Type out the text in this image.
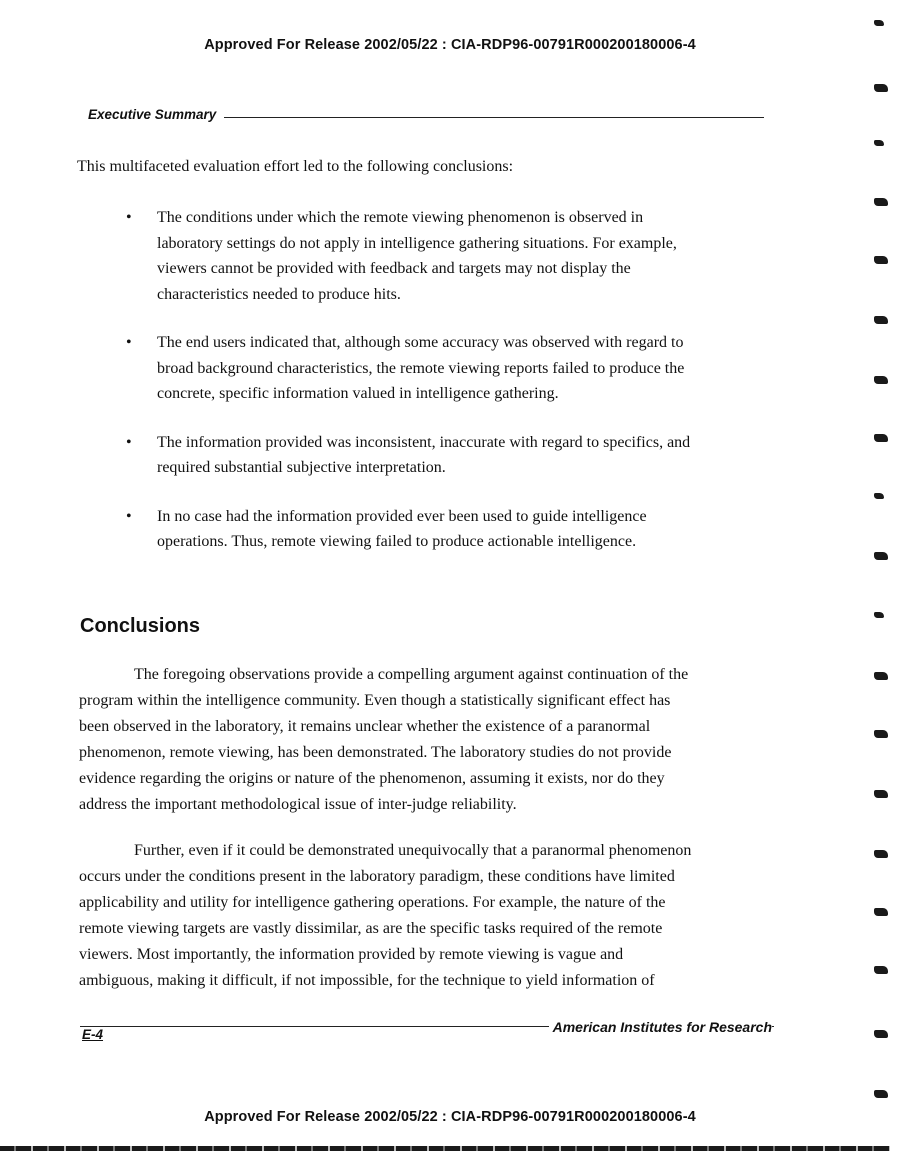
Approved For Release 2002/05/22 : CIA-RDP96-00791R000200180006-4
Executive Summary
This multifaceted evaluation effort led to the following conclusions:
• The conditions under which the remote viewing phenomenon is observed in
laboratory settings do not apply in intelligence gathering situations. For example,
viewers cannot be provided with feedback and targets may not display the
characteristics needed to produce hits.
• The end users indicated that, although some accuracy was observed with regard to
broad background characteristics, the remote viewing reports failed to produce the
concrete, specific information valued in intelligence gathering.
• The information provided was inconsistent, inaccurate with regard to specifics, and
required substantial subjective interpretation.
• In no case had the information provided ever been used to guide intelligence
operations. Thus, remote viewing failed to produce actionable intelligence.
Conclusions
The foregoing observations provide a compelling argument against continuation of the
program within the intelligence community. Even though a statistically significant effect has
been observed in the laboratory, it remains unclear whether the existence of a paranormal
phenomenon, remote viewing, has been demonstrated. The laboratory studies do not provide
evidence regarding the origins or nature of the phenomenon, assuming it exists, nor do they
address the important methodological issue of inter-judge reliability.
Further, even if it could be demonstrated unequivocally that a paranormal phenomenon
occurs under the conditions present in the laboratory paradigm, these conditions have limited
applicability and utility for intelligence gathering operations. For example, the nature of the
remote viewing targets are vastly dissimilar, as are the specific tasks required of the remote
viewers. Most importantly, the information provided by remote viewing is vague and
ambiguous, making it difficult, if not impossible, for the technique to yield information of
E-4	American Institutes for Research
Approved For Release 2002/05/22 : CIA-RDP96-00791R000200180006-4
